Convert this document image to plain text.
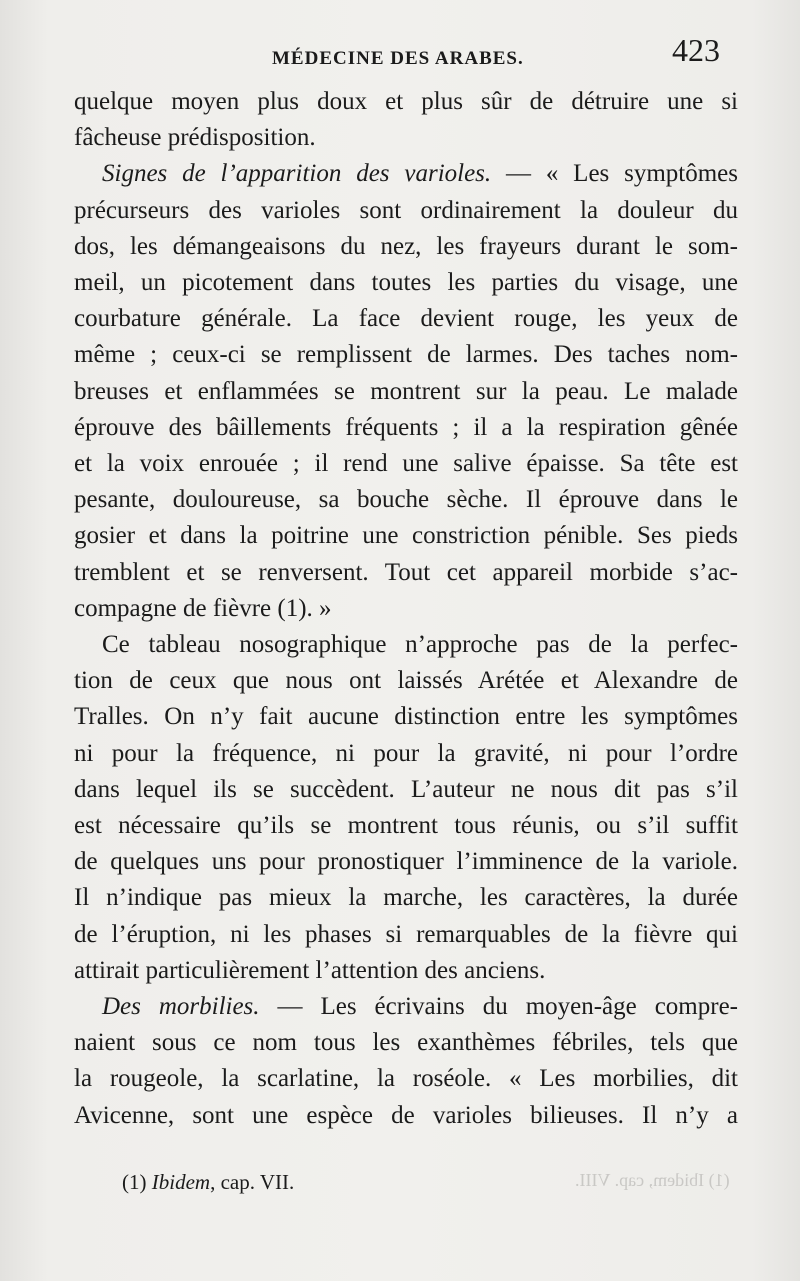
MÉDECINE DES ARABES.	423
quelque moyen plus doux et plus sûr de détruire une si
fâcheuse prédisposition.
Signes de l’apparition des varioles. — « Les symptômes
précurseurs des varioles sont ordinairement la douleur du
dos, les démangeaisons du nez, les frayeurs durant le som-
meil, un picotement dans toutes les parties du visage, une
courbature générale. La face devient rouge, les yeux de
même ; ceux-ci se remplissent de larmes. Des taches nom-
breuses et enflammées se montrent sur la peau. Le malade
éprouve des bâillements fréquents ; il a la respiration gênée
et la voix enrouée ; il rend une salive épaisse. Sa tête est
pesante, douloureuse, sa bouche sèche. Il éprouve dans le
gosier et dans la poitrine une constriction pénible. Ses pieds
tremblent et se renversent. Tout cet appareil morbide s’ac-
compagne de fièvre (1). »
Ce tableau nosographique n’approche pas de la perfec-
tion de ceux que nous ont laissés Arétée et Alexandre de
Tralles. On n’y fait aucune distinction entre les symptômes
ni pour la fréquence, ni pour la gravité, ni pour l’ordre
dans lequel ils se succèdent. L’auteur ne nous dit pas s’il
est nécessaire qu’ils se montrent tous réunis, ou s’il suffit
de quelques uns pour pronostiquer l’imminence de la variole.
Il n’indique pas mieux la marche, les caractères, la durée
de l’éruption, ni les phases si remarquables de la fièvre qui
attirait particulièrement l’attention des anciens.
Des morbilies. — Les écrivains du moyen-âge compre-
naient sous ce nom tous les exanthèmes fébriles, tels que
la rougeole, la scarlatine, la roséole. « Les morbilies, dit
Avicenne, sont une espèce de varioles bilieuses. Il n’y a
(1) Ibidem, cap. VII.	(1) Ibidem, cap. VIII.
